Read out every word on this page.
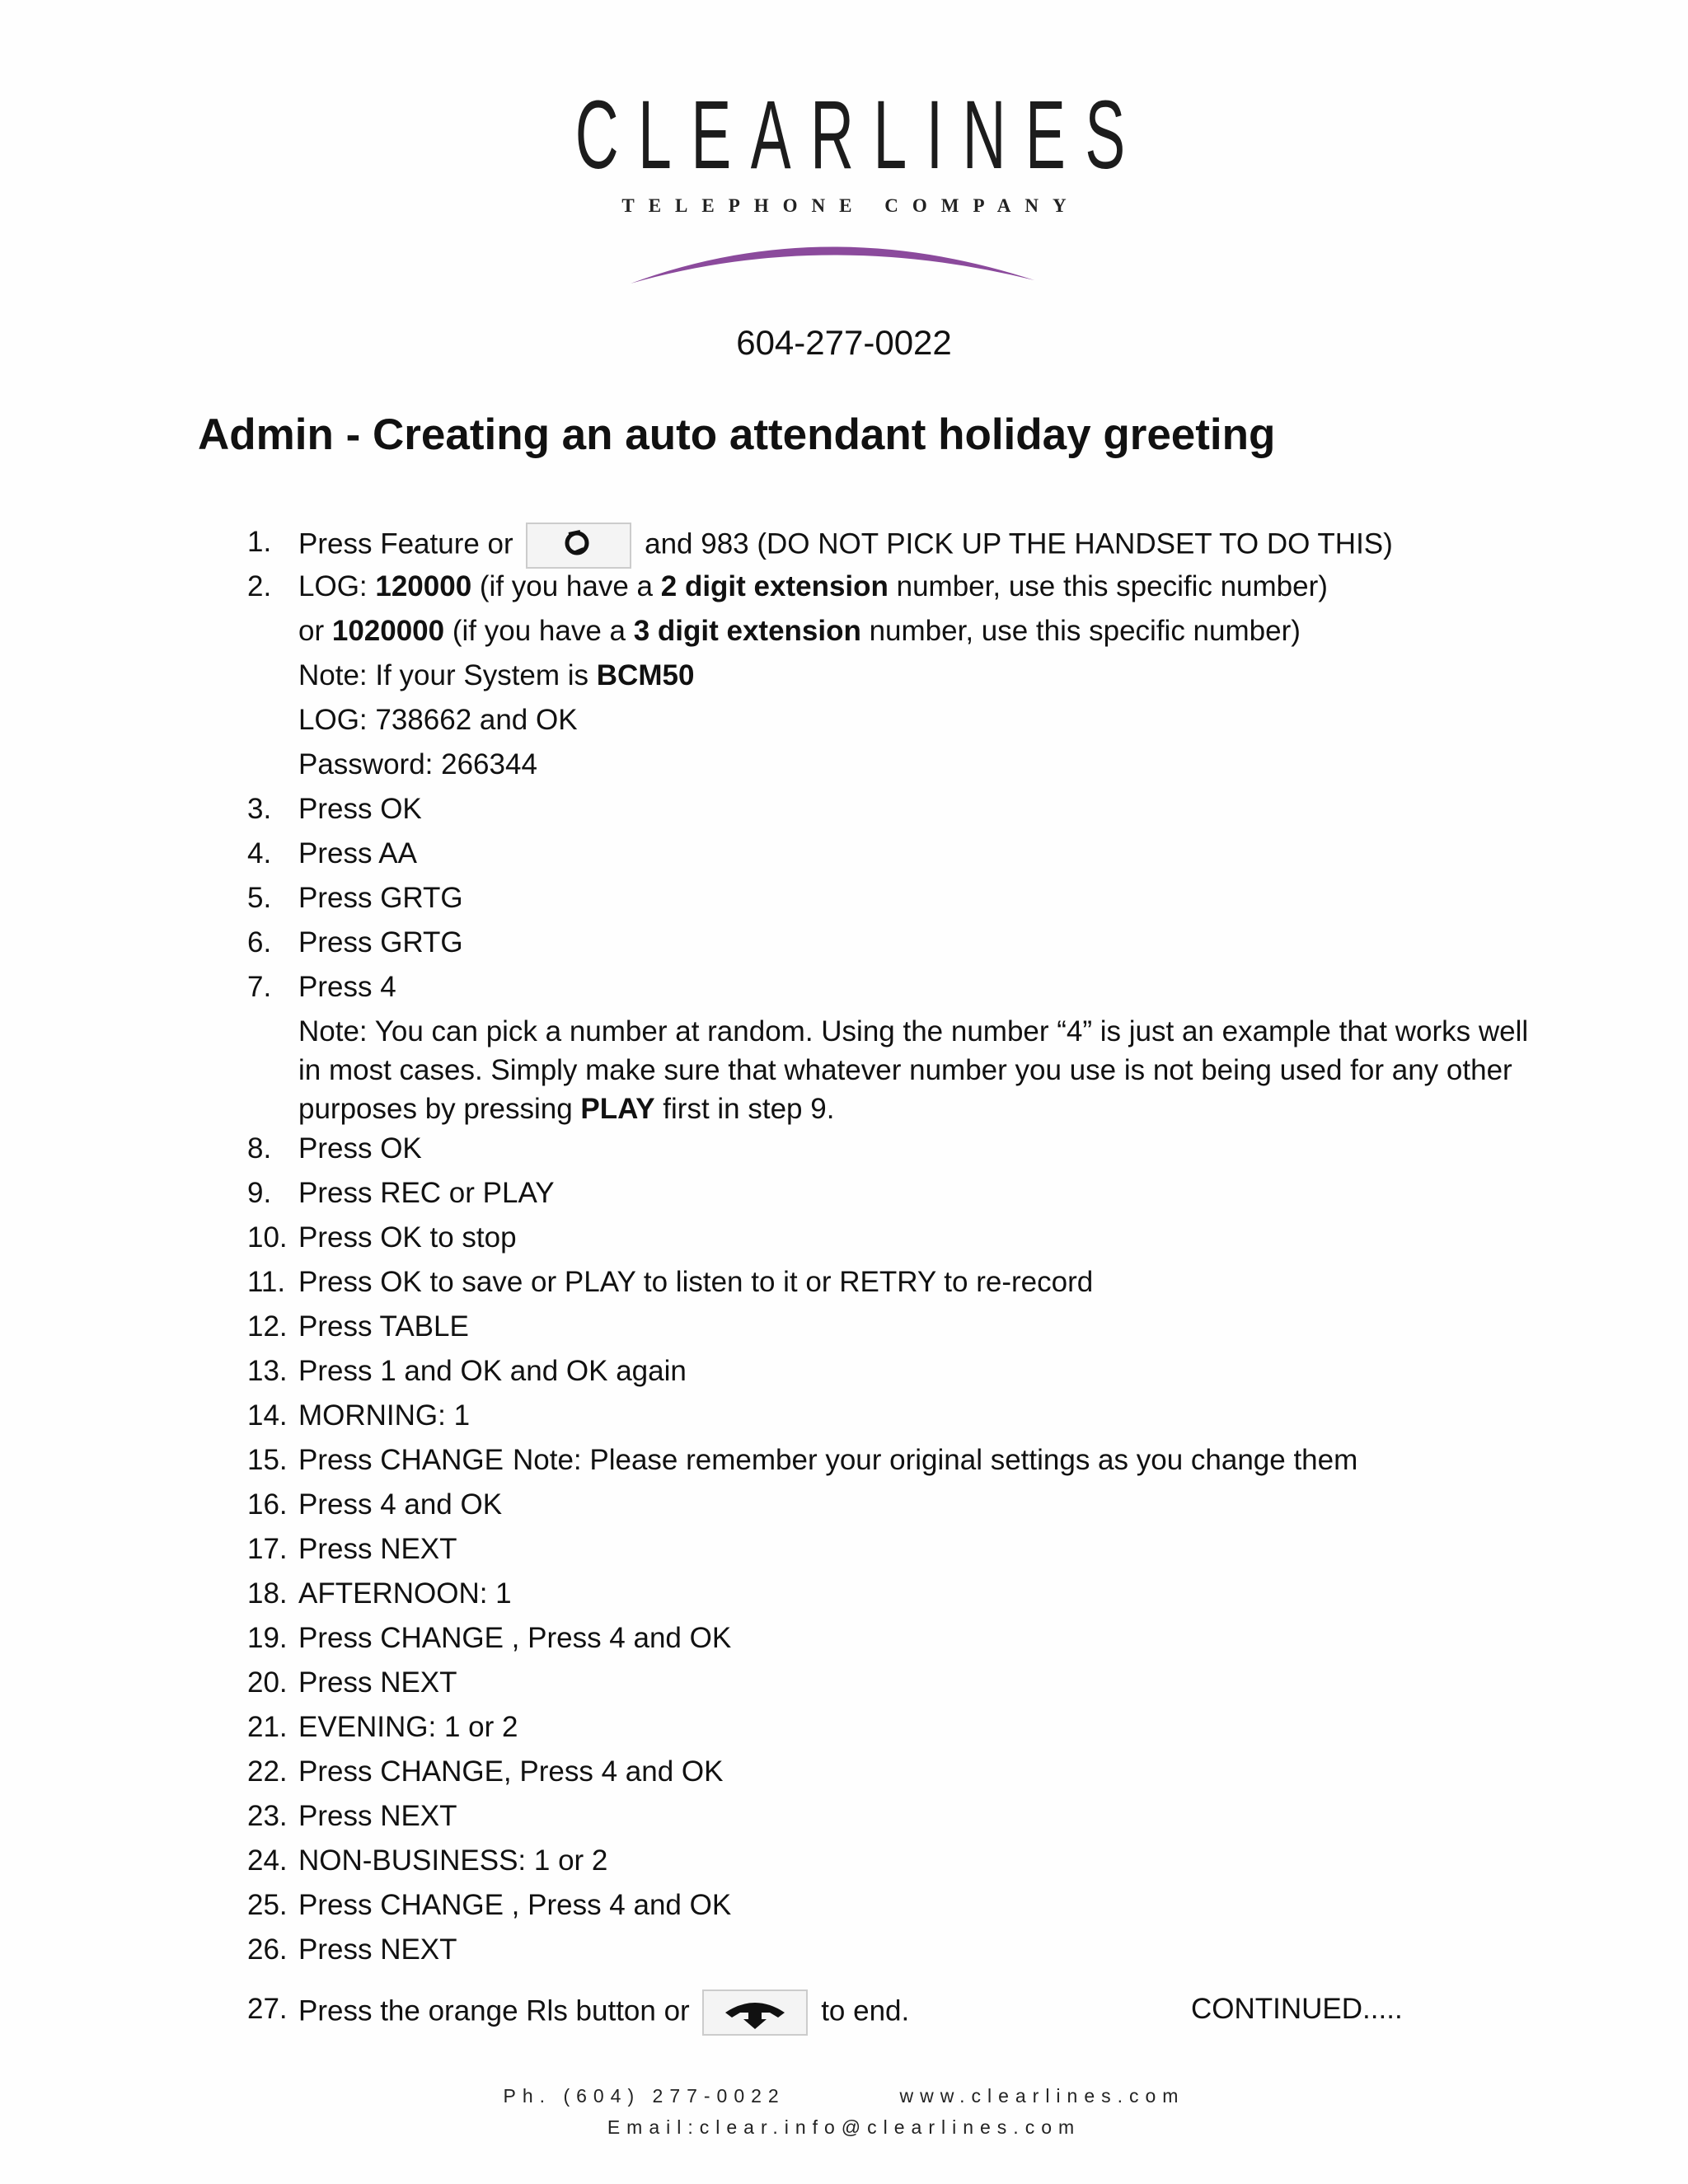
CLEARLINES
TELEPHONE COMPANY
604-277-0022
Admin - Creating an auto attendant holiday greeting
1. Press Feature or	and 983 (DO NOT PICK UP THE HANDSET TO DO THIS)
2. LOG: 120000 (if you have a 2 digit extension number, use this specific number)
or 1020000 (if you have a 3 digit extension number, use this specific number)
Note: If your System is BCM50
LOG: 738662 and OK
Password: 266344
3. Press OK
4. Press AA
5. Press GRTG
6. Press GRTG
7. Press 4
Note: You can pick a number at random. Using the number “4” is just an example that works well in most cases. Simply make sure that whatever number you use is not being used for any other purposes by pressing PLAY first in step 9.
8. Press OK
9. Press REC or PLAY
10. Press OK to stop
11. Press OK to save or PLAY to listen to it or RETRY to re-record
12. Press TABLE
13. Press 1 and OK and OK again
14. MORNING: 1
15. Press CHANGE Note: Please remember your original settings as you change them
16. Press 4 and OK
17. Press NEXT
18. AFTERNOON: 1
19. Press CHANGE , Press 4 and OK
20. Press NEXT
21. EVENING: 1 or 2
22. Press CHANGE, Press 4 and OK
23. Press NEXT
24. NON-BUSINESS: 1 or 2
25. Press CHANGE , Press 4 and OK
26. Press NEXT
27. Press the orange Rls button or	to end.	CONTINUED.....
Ph. (604) 277-0022	www.clearlines.com
Email:clear.info@clearlines.com
